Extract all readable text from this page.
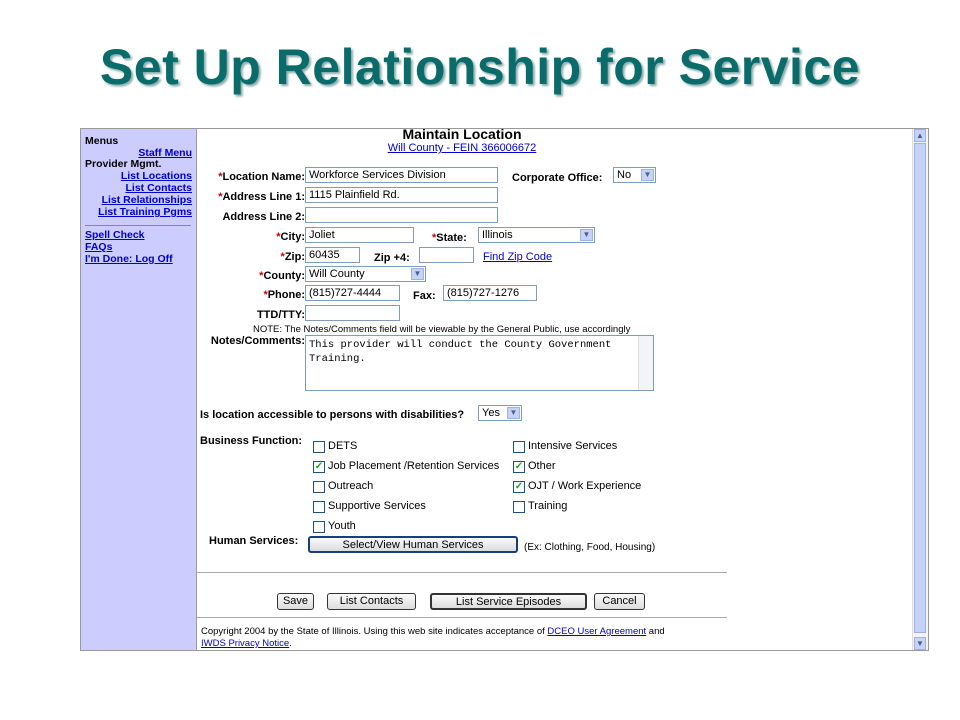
Set Up Relationship for Service
Menus
Staff Menu
Provider Mgmt.
List Locations
List Contacts
List Relationships
List Training Pgms
Spell Check
FAQs
I'm Done: Log Off
Maintain Location
Will County - FEIN 366006672
*Location Name: Workforce Services Division	Corporate Office:	No	▼
*Address Line 1: 1115 Plainfield Rd.
Address Line 2:
*City: Joliet	*State:	Illinois	▼
*Zip: 60435	Zip +4:	Find Zip Code
*County: Will County	▼
*Phone: (815)727-4444	Fax:	(815)727-1276
TTD/TTY:
NOTE: The Notes/Comments field will be viewable by the General Public, use accordingly
Notes/Comments: This provider will conduct the County Government Training.
Is location accessible to persons with disabilities?	Yes	▼
Business Function: DETS	Intensive Services
✓ Job Placement /Retention Services ✓ Other
Outreach	✓ OJT / Work Experience
Supportive Services	Training
Youth
Human Services:	Select/View Human Services	(Ex: Clothing, Food, Housing)
Save	List Contacts	List Service Episodes	Cancel
Copyright 2004 by the State of Illinois. Using this web site indicates acceptance of DCEO User Agreement and
IWDS Privacy Notice.
▲
▼
